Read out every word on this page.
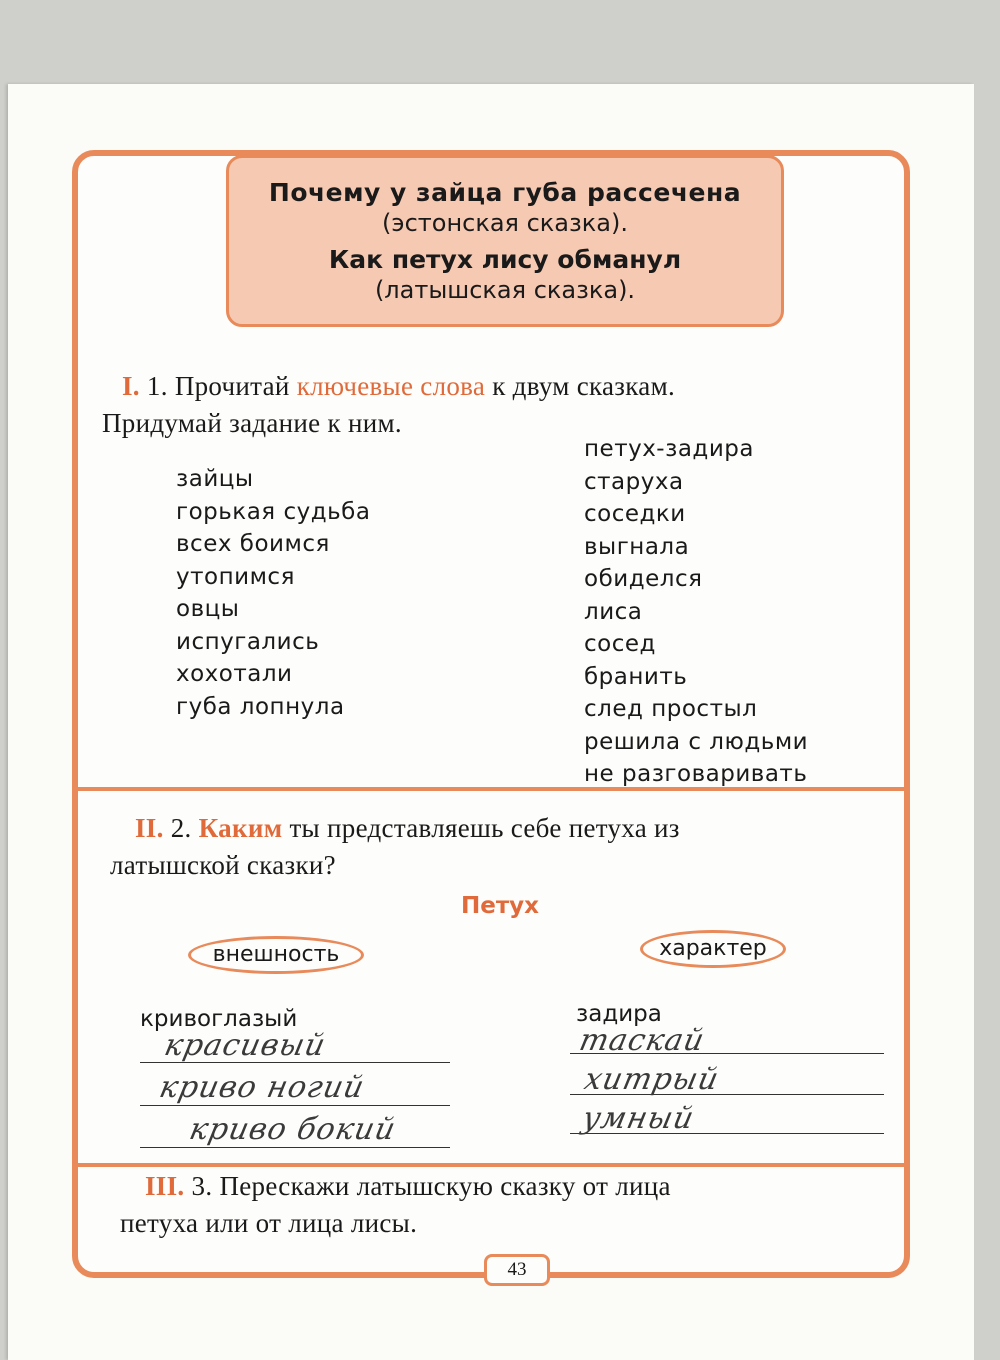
Почему у зайца губа рассечена
(эстонская сказка).
Как петух лису обманул
(латышская сказка).
I. 1. Прочитай ключевые слова к двум сказкам.
Придумай задание к ним.
зайцы
горькая судьба
всех боимся
утопимся
овцы
испугались
хохотали
губа лопнула
петух-задира
старуха
соседки
выгнала
обиделся
лиса
сосед
бранить
след простыл
решила с людьми
не разговаривать
II. 2. Каким ты представляешь себе петуха из
латышской сказки?
Петух
внешность	характер
кривоглазый	задира
красивый
криво ногий
криво бокий
таскай
хитрый
умный
III. 3. Перескажи латышскую сказку от лица
петуха или от лица лисы.
43
